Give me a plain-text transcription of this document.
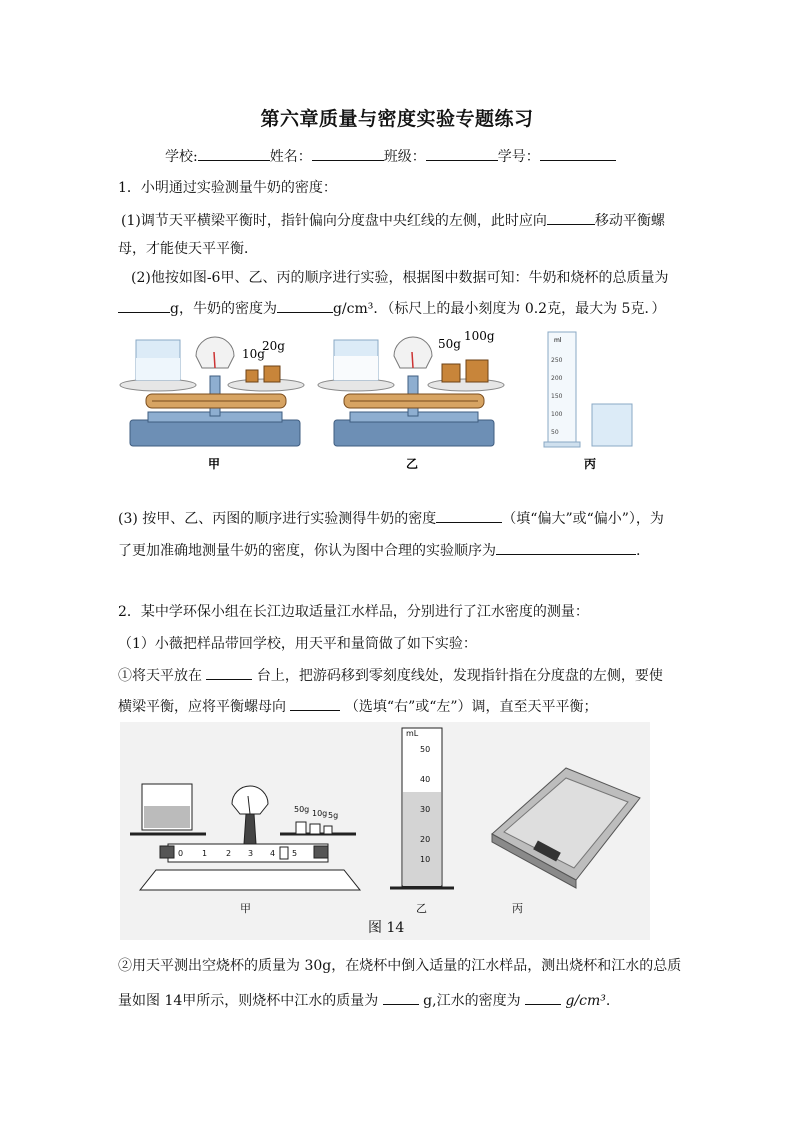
第六章质量与密度实验专题练习
学校:	姓名：	班级：	学号：
1．小明通过实验测量牛奶的密度：
(1)调节天平横梁平衡时，指针偏向分度盘中央红线的左侧，此时应向	移动平衡螺
母，才能使天平平衡．
(2)他按如图-6甲、乙、丙的顺序进行实验，根据图中数据可知：牛奶和烧杯的总质量为
g，牛奶的密度为	g/cm³．（标尺上的最小刻度为 0.2克，最大为 5克．）
10g
20g	50g
100g	ml
250
200
150
100
50
甲	乙	丙
(3) 按甲、乙、丙图的顺序进行实验测得牛奶的密度	（填“偏大”或“偏小”），为
了更加准确地测量牛奶的密度，你认为图中合理的实验顺序为	.
2．某中学环保小组在长江边取适量江水样品，分别进行了江水密度的测量：
（1）小薇把样品带回学校，用天平和量筒做了如下实验：
①将天平放在	台上，把游码移到零刻度线处，发现指针指在分度盘的左侧，要使
横梁平衡，应将平衡螺母向	（选填“右”或“左”）调，直至天平平衡；
50g 10g 5g
0 1 2 3 4 5
mL
50
40
30
20
10
甲	乙	丙
图 14
②用天平测出空烧杯的质量为 30g，在烧杯中倒入适量的江水样品，测出烧杯和江水的总质
量如图 14甲所示，则烧杯中江水的质量为	g,江水的密度为	g/cm³.
